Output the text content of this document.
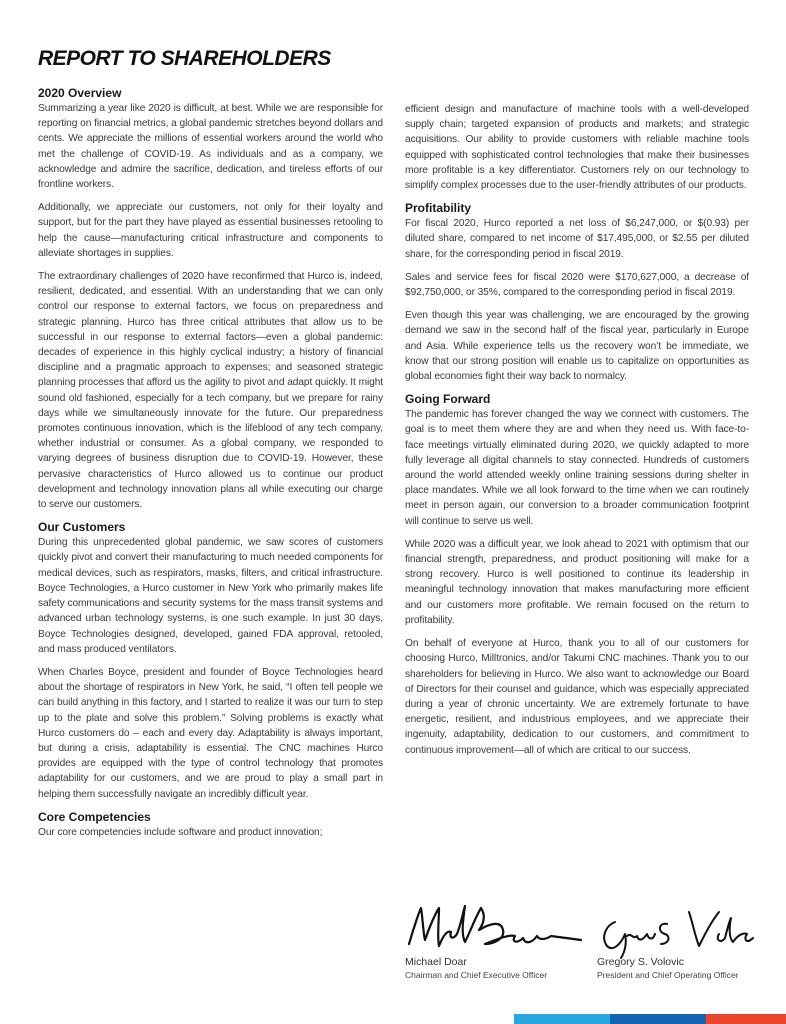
REPORT TO SHAREHOLDERS
2020 Overview

Summarizing a year like 2020 is difficult, at best. While we are responsible for reporting on financial metrics, a global pandemic stretches beyond dollars and cents. We appreciate the millions of essential workers around the world who met the challenge of COVID-19. As individuals and as a company, we acknowledge and admire the sacrifice, dedication, and tireless efforts of our frontline workers.

Additionally, we appreciate our customers, not only for their loyalty and support, but for the part they have played as essential businesses retooling to help the cause—manufacturing critical infrastructure and components to alleviate shortages in supplies.

The extraordinary challenges of 2020 have reconfirmed that Hurco is, indeed, resilient, dedicated, and essential. With an understanding that we can only control our response to external factors, we focus on preparedness and strategic planning. Hurco has three critical attributes that allow us to be successful in our response to external factors—even a global pandemic: decades of experience in this highly cyclical industry; a history of financial discipline and a pragmatic approach to expenses; and seasoned strategic planning processes that afford us the agility to pivot and adapt quickly. It might sound old fashioned, especially for a tech company, but we prepare for rainy days while we simultaneously innovate for the future. Our preparedness promotes continuous innovation, which is the lifeblood of any tech company, whether industrial or consumer. As a global company, we responded to varying degrees of business disruption due to COVID-19. However, these pervasive characteristics of Hurco allowed us to continue our product development and technology innovation plans all while executing our charge to serve our customers.

Our Customers

During this unprecedented global pandemic, we saw scores of customers quickly pivot and convert their manufacturing to much needed components for medical devices, such as respirators, masks, filters, and critical infrastructure. Boyce Technologies, a Hurco customer in New York who primarily makes life safety communications and security systems for the mass transit systems and advanced urban technology systems, is one such example. In just 30 days, Boyce Technologies designed, developed, gained FDA approval, retooled, and mass produced ventilators.

When Charles Boyce, president and founder of Boyce Technologies heard about the shortage of respirators in New York, he said, “I often tell people we can build anything in this factory, and I started to realize it was our turn to step up to the plate and solve this problem.” Solving problems is exactly what Hurco customers do – each and every day. Adaptability is always important, but during a crisis, adaptability is essential. The CNC machines Hurco provides are equipped with the type of control technology that promotes adaptability for our customers, and we are proud to play a small part in helping them successfully navigate an incredibly difficult year.

Core Competencies

Our core competencies include software and product innovation;

efficient design and manufacture of machine tools with a well-developed supply chain; targeted expansion of products and markets; and strategic acquisitions. Our ability to provide customers with reliable machine tools equipped with sophisticated control technologies that make their businesses more profitable is a key differentiator. Customers rely on our technology to simplify complex processes due to the user-friendly attributes of our products.

Profitability

For fiscal 2020, Hurco reported a net loss of $6,247,000, or $(0.93) per diluted share, compared to net income of $17,495,000, or $2.55 per diluted share, for the corresponding period in fiscal 2019.

Sales and service fees for fiscal 2020 were $170,627,000, a decrease of $92,750,000, or 35%, compared to the corresponding period in fiscal 2019.

Even though this year was challenging, we are encouraged by the growing demand we saw in the second half of the fiscal year, particularly in Europe and Asia. While experience tells us the recovery won’t be immediate, we know that our strong position will enable us to capitalize on opportunities as global economies fight their way back to normalcy.

Going Forward

The pandemic has forever changed the way we connect with customers. The goal is to meet them where they are and when they need us. With face-to-face meetings virtually eliminated during 2020, we quickly adapted to more fully leverage all digital channels to stay connected. Hundreds of customers around the world attended weekly online training sessions during shelter in place mandates. While we all look forward to the time when we can routinely meet in person again, our conversion to a broader communication footprint will continue to serve us well.

While 2020 was a difficult year, we look ahead to 2021 with optimism that our financial strength, preparedness, and product positioning will make for a strong recovery. Hurco is well positioned to continue its leadership in meaningful technology innovation that makes manufacturing more efficient and our customers more profitable. We remain focused on the return to profitability.

On behalf of everyone at Hurco, thank you to all of our customers for choosing Hurco, Milltronics, and/or Takumi CNC machines. Thank you to our shareholders for believing in Hurco. We also want to acknowledge our Board of Directors for their counsel and guidance, which was especially appreciated during a year of chronic uncertainty. We are extremely fortunate to have energetic, resilient, and industrious employees, and we appreciate their ingenuity, adaptability, dedication to our customers, and commitment to continuous improvement—all of which are critical to our success.

Michael Doar
Chairman and Chief Executive Officer
Gregory S. Volovic
President and Chief Operating Officer
